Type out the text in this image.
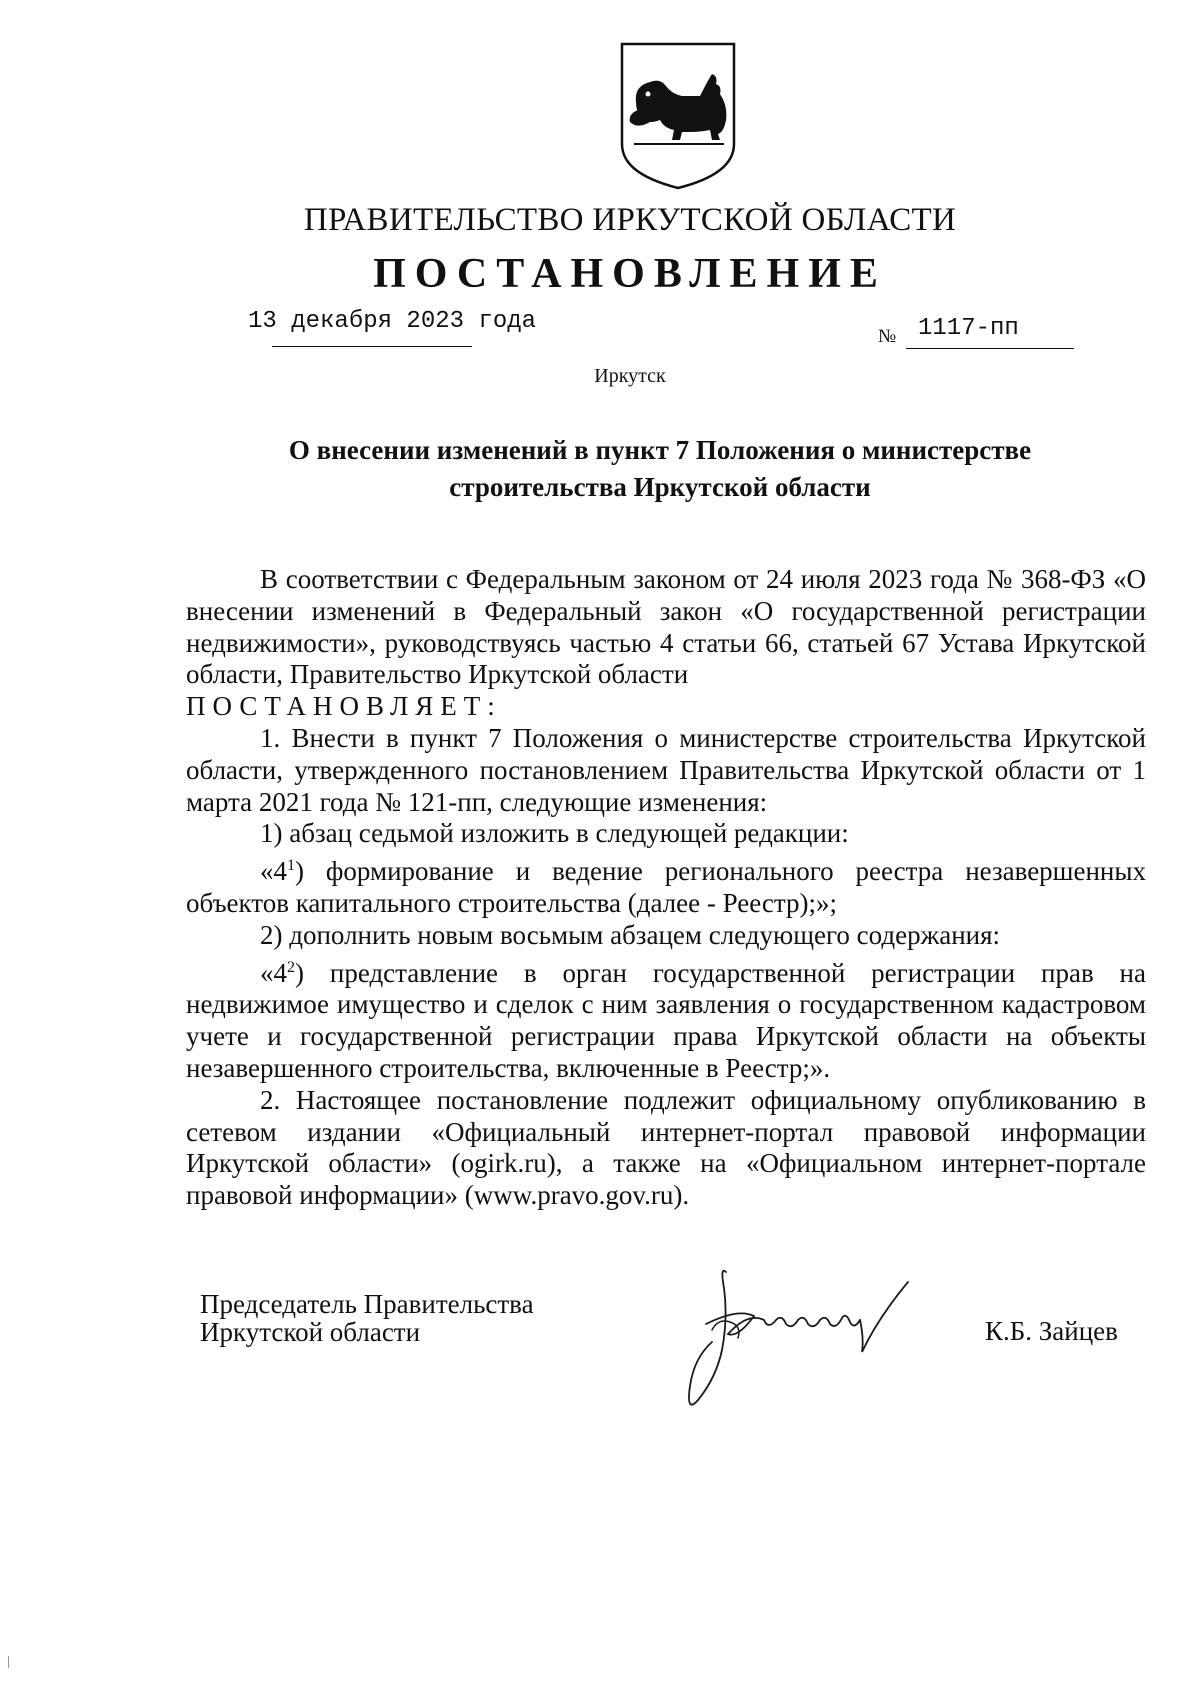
ПРАВИТЕЛЬСТВО ИРКУТСКОЙ ОБЛАСТИ
ПОСТАНОВЛЕНИЕ
13 декабря 2023 года
№ 1117-пп
Иркутск
О внесении изменений в пункт 7 Положения о министерстве
строительства Иркутской области

В соответствии с Федеральным законом от 24 июля 2023 года № 368-ФЗ «О внесении изменений в Федеральный закон «О государственной регистрации недвижимости», руководствуясь частью 4 статьи 66, статьей 67 Устава Иркутской области, Правительство Иркутской области

ПОСТАНОВЛЯЕТ:

1. Внести в пункт 7 Положения о министерстве строительства Иркутской области, утвержденного постановлением Правительства Иркутской области от 1 марта 2021 года № 121-пп, следующие изменения:

1) абзац седьмой изложить в следующей редакции:

«$4^1$) формирование и ведение регионального реестра незавершенных объектов капитального строительства (далее - Реестр);»;

2) дополнить новым восьмым абзацем следующего содержания:

«$4^2$) представление в орган государственной регистрации прав на недвижимое имущество и сделок с ним заявления о государственном кадастровом учете и государственной регистрации права Иркутской области на объекты незавершенного строительства, включенные в Реестр;».

2. Настоящее постановление подлежит официальному опубликованию в сетевом издании «Официальный интернет-портал правовой информации Иркутской области» (ogirk.ru), а также на «Официальном интернет-портале правовой информации» (www.pravo.gov.ru).

Председатель Правительства
Иркутской области	К.Б. Зайцев
